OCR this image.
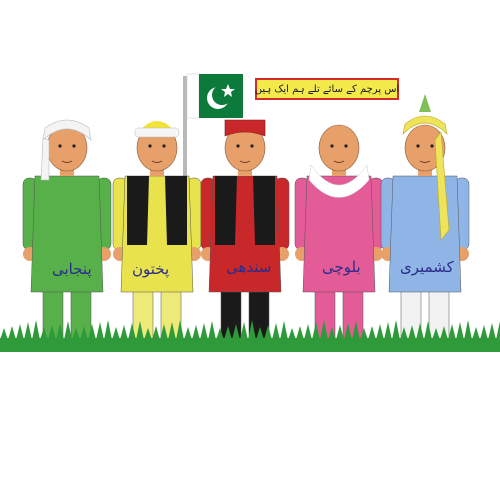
اس پرچم کے سائے تلے ہم ایک ہیں
پنجابی	پختون	سندھی	بلوچی	کشمیری
